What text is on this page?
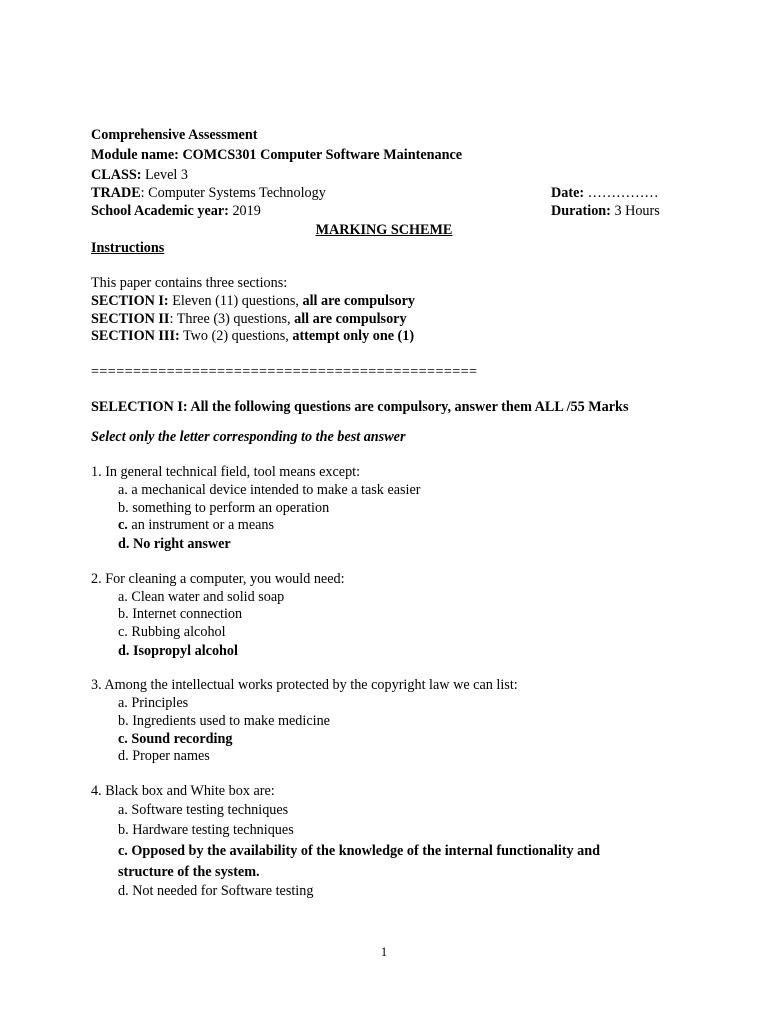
Comprehensive Assessment
Module name: COMCS301 Computer Software Maintenance
CLASS: Level 3
TRADE: Computer Systems Technology	Date: ……………
School Academic year: 2019	Duration: 3 Hours
MARKING SCHEME
Instructions
This paper contains three sections:
SECTION I: Eleven (11) questions, all are compulsory
SECTION II: Three (3) questions, all are compulsory
SECTION III: Two (2) questions, attempt only one (1)
==============================================
SELECTION I: All the following questions are compulsory, answer them ALL /55 Marks
Select only the letter corresponding to the best answer
1. In general technical field, tool means except:
a. a mechanical device intended to make a task easier
b. something to perform an operation
c. an instrument or a means
d. No right answer
2. For cleaning a computer, you would need:
a. Clean water and solid soap
b. Internet connection
c. Rubbing alcohol
d. Isopropyl alcohol
3. Among the intellectual works protected by the copyright law we can list:
a. Principles
b. Ingredients used to make medicine
c. Sound recording
d. Proper names
4. Black box and White box are:
a. Software testing techniques
b. Hardware testing techniques
c. Opposed by the availability of the knowledge of the internal functionality and
structure of the system.
d. Not needed for Software testing
1
